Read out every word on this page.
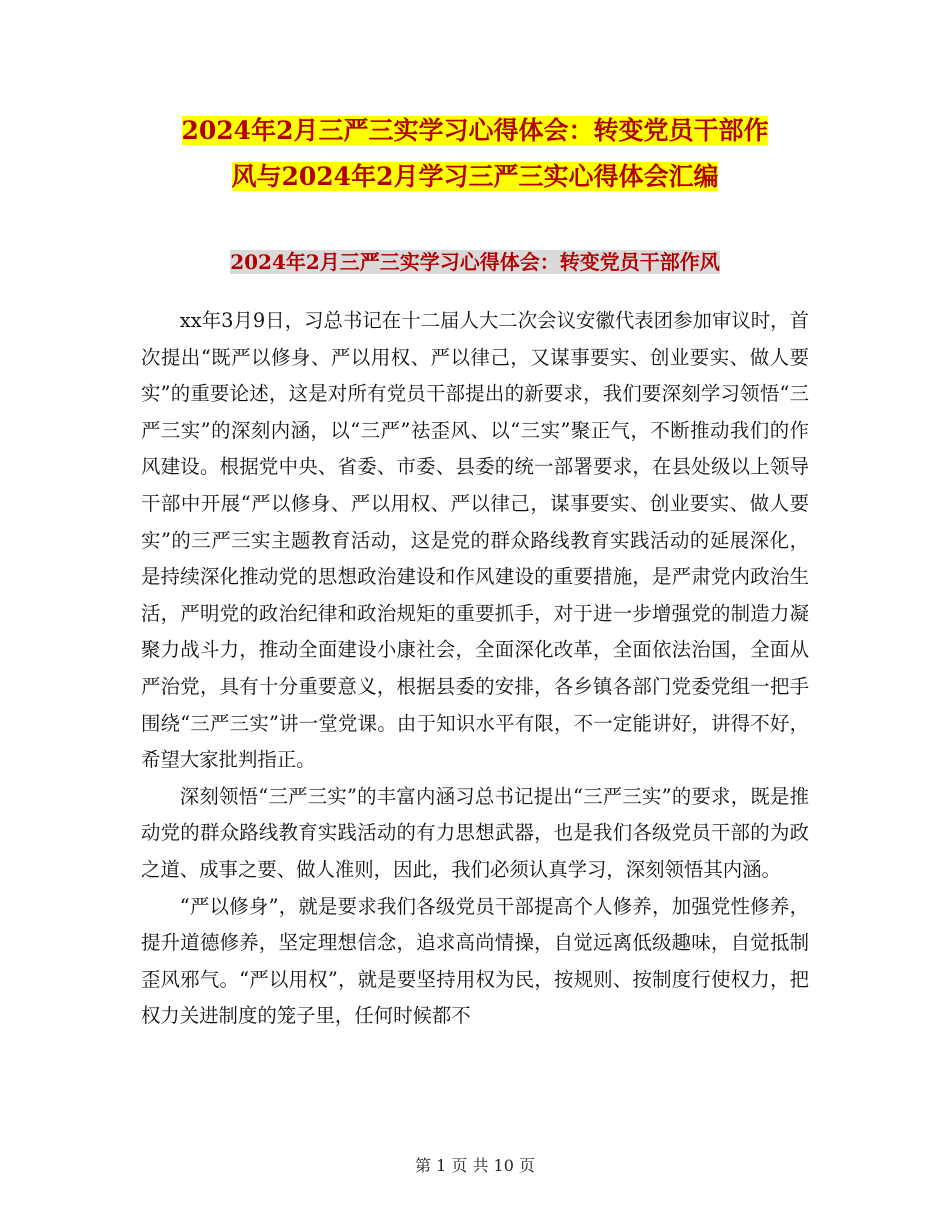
2024年2月三严三实学习心得体会：转变党员干部作
风与2024年2月学习三严三实心得体会汇编
2024年2月三严三实学习心得体会：转变党员干部作风

xx年3月9日，习总书记在十二届人大二次会议安徽代表团参加审议时，首次提出“既严以修身、严以用权、严以律己，又谋事要实、创业要实、做人要实”的重要论述，这是对所有党员干部提出的新要求，我们要深刻学习领悟“三严三实”的深刻内涵，以“三严”祛歪风、以“三实”聚正气，不断推动我们的作风建设。根据党中央、省委、市委、县委的统一部署要求，在县处级以上领导干部中开展“严以修身、严以用权、严以律己，谋事要实、创业要实、做人要实”的三严三实主题教育活动，这是党的群众路线教育实践活动的延展深化，是持续深化推动党的思想政治建设和作风建设的重要措施，是严肃党内政治生活，严明党的政治纪律和政治规矩的重要抓手，对于进一步增强党的制造力凝聚力战斗力，推动全面建设小康社会，全面深化改革，全面依法治国，全面从严治党，具有十分重要意义，根据县委的安排，各乡镇各部门党委党组一把手围绕“三严三实”讲一堂党课。由于知识水平有限，不一定能讲好，讲得不好，希望大家批判指正。

深刻领悟“三严三实”的丰富内涵习总书记提出“三严三实”的要求，既是推动党的群众路线教育实践活动的有力思想武器，也是我们各级党员干部的为政之道、成事之要、做人准则，因此，我们必须认真学习，深刻领悟其内涵。

“严以修身”，就是要求我们各级党员干部提高个人修养，加强党性修养，提升道德修养，坚定理想信念，追求高尚情操，自觉远离低级趣味，自觉抵制歪风邪气。“严以用权”，就是要坚持用权为民，按规则、按制度行使权力，把权力关进制度的笼子里，任何时候都不

第 1 页 共 10 页
